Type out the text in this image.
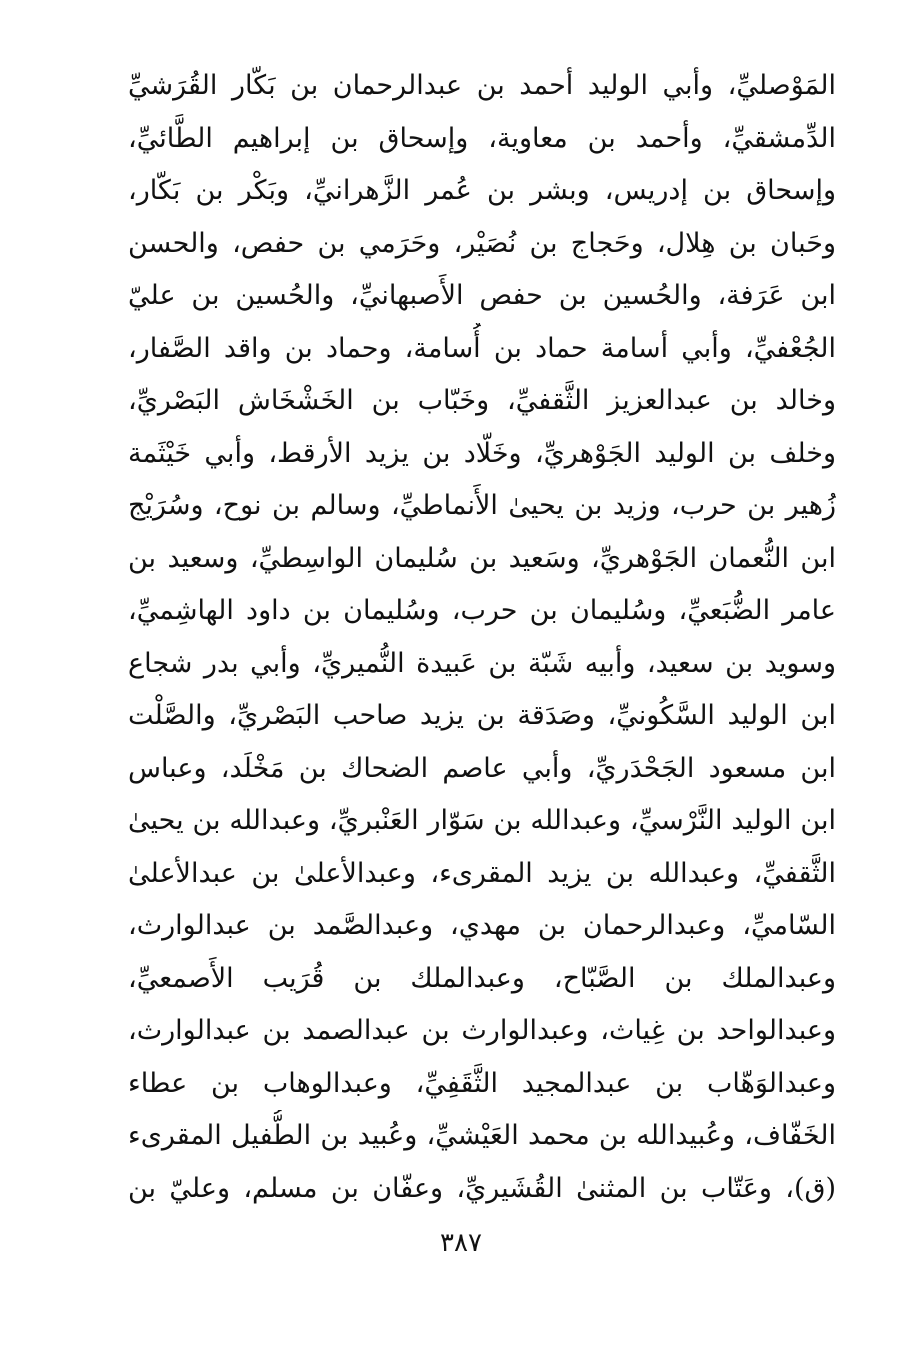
المَوْصليِّ، وأبي الوليد أحمد بن عبدالرحمان بن بَكّار القُرَشيِّ
الدِّمشقيِّ، وأحمد بن معاوية، وإسحاق بن إبراهيم الطَّائيِّ،
وإسحاق بن إدريس، وبشر بن عُمر الزَّهرانيِّ، وبَكْر بن بَكّار،
وحَبان بن هِلال، وحَجاج بن نُصَيْر، وحَرَمي بن حفص، والحسن
ابن عَرَفة، والحُسين بن حفص الأَصبهانيِّ، والحُسين بن عليّ
الجُعْفيِّ، وأبي أسامة حماد بن أُسامة، وحماد بن واقد الصَّفار،
وخالد بن عبدالعزيز الثَّقفيِّ، وخَبّاب بن الخَشْخَاش البَصْريِّ،
وخلف بن الوليد الجَوْهريِّ، وخَلّاد بن يزيد الأرقط، وأبي خَيْثَمة
زُهير بن حرب، وزيد بن يحيىٰ الأَنماطيِّ، وسالم بن نوح، وسُرَيْج
ابن النُّعمان الجَوْهريِّ، وسَعيد بن سُليمان الواسِطيِّ، وسعيد بن
عامر الضُّبَعيِّ، وسُليمان بن حرب، وسُليمان بن داود الهاشِميِّ،
وسويد بن سعيد، وأبيه شَبّة بن عَبيدة النُّميريِّ، وأبي بدر شجاع
ابن الوليد السَّكُونيِّ، وصَدَقة بن يزيد صاحب البَصْريِّ، والصَّلْت
ابن مسعود الجَحْدَريِّ، وأبي عاصم الضحاك بن مَخْلَد، وعباس
ابن الوليد النَّرْسيِّ، وعبدالله بن سَوّار العَنْبريِّ، وعبدالله بن يحيىٰ
الثَّقفيِّ، وعبدالله بن يزيد المقرىء، وعبدالأعلىٰ بن عبدالأعلىٰ
السّاميِّ، وعبدالرحمان بن مهدي، وعبدالصَّمد بن عبدالوارث،
وعبدالملك بن الصَّبّاح، وعبدالملك بن قُرَيب الأَصمعيِّ،
وعبدالواحد بن غِياث، وعبدالوارث بن عبدالصمد بن عبدالوارث،
وعبدالوَهّاب بن عبدالمجيد الثَّقَفِيِّ، وعبدالوهاب بن عطاء
الخَفّاف، وعُبيدالله بن محمد العَيْشيِّ، وعُبيد بن الطُّفيل المقرىء
(ق)، وعَتّاب بن المثنىٰ القُشَيريِّ، وعفّان بن مسلم، وعليّ بن
٣٨٧
